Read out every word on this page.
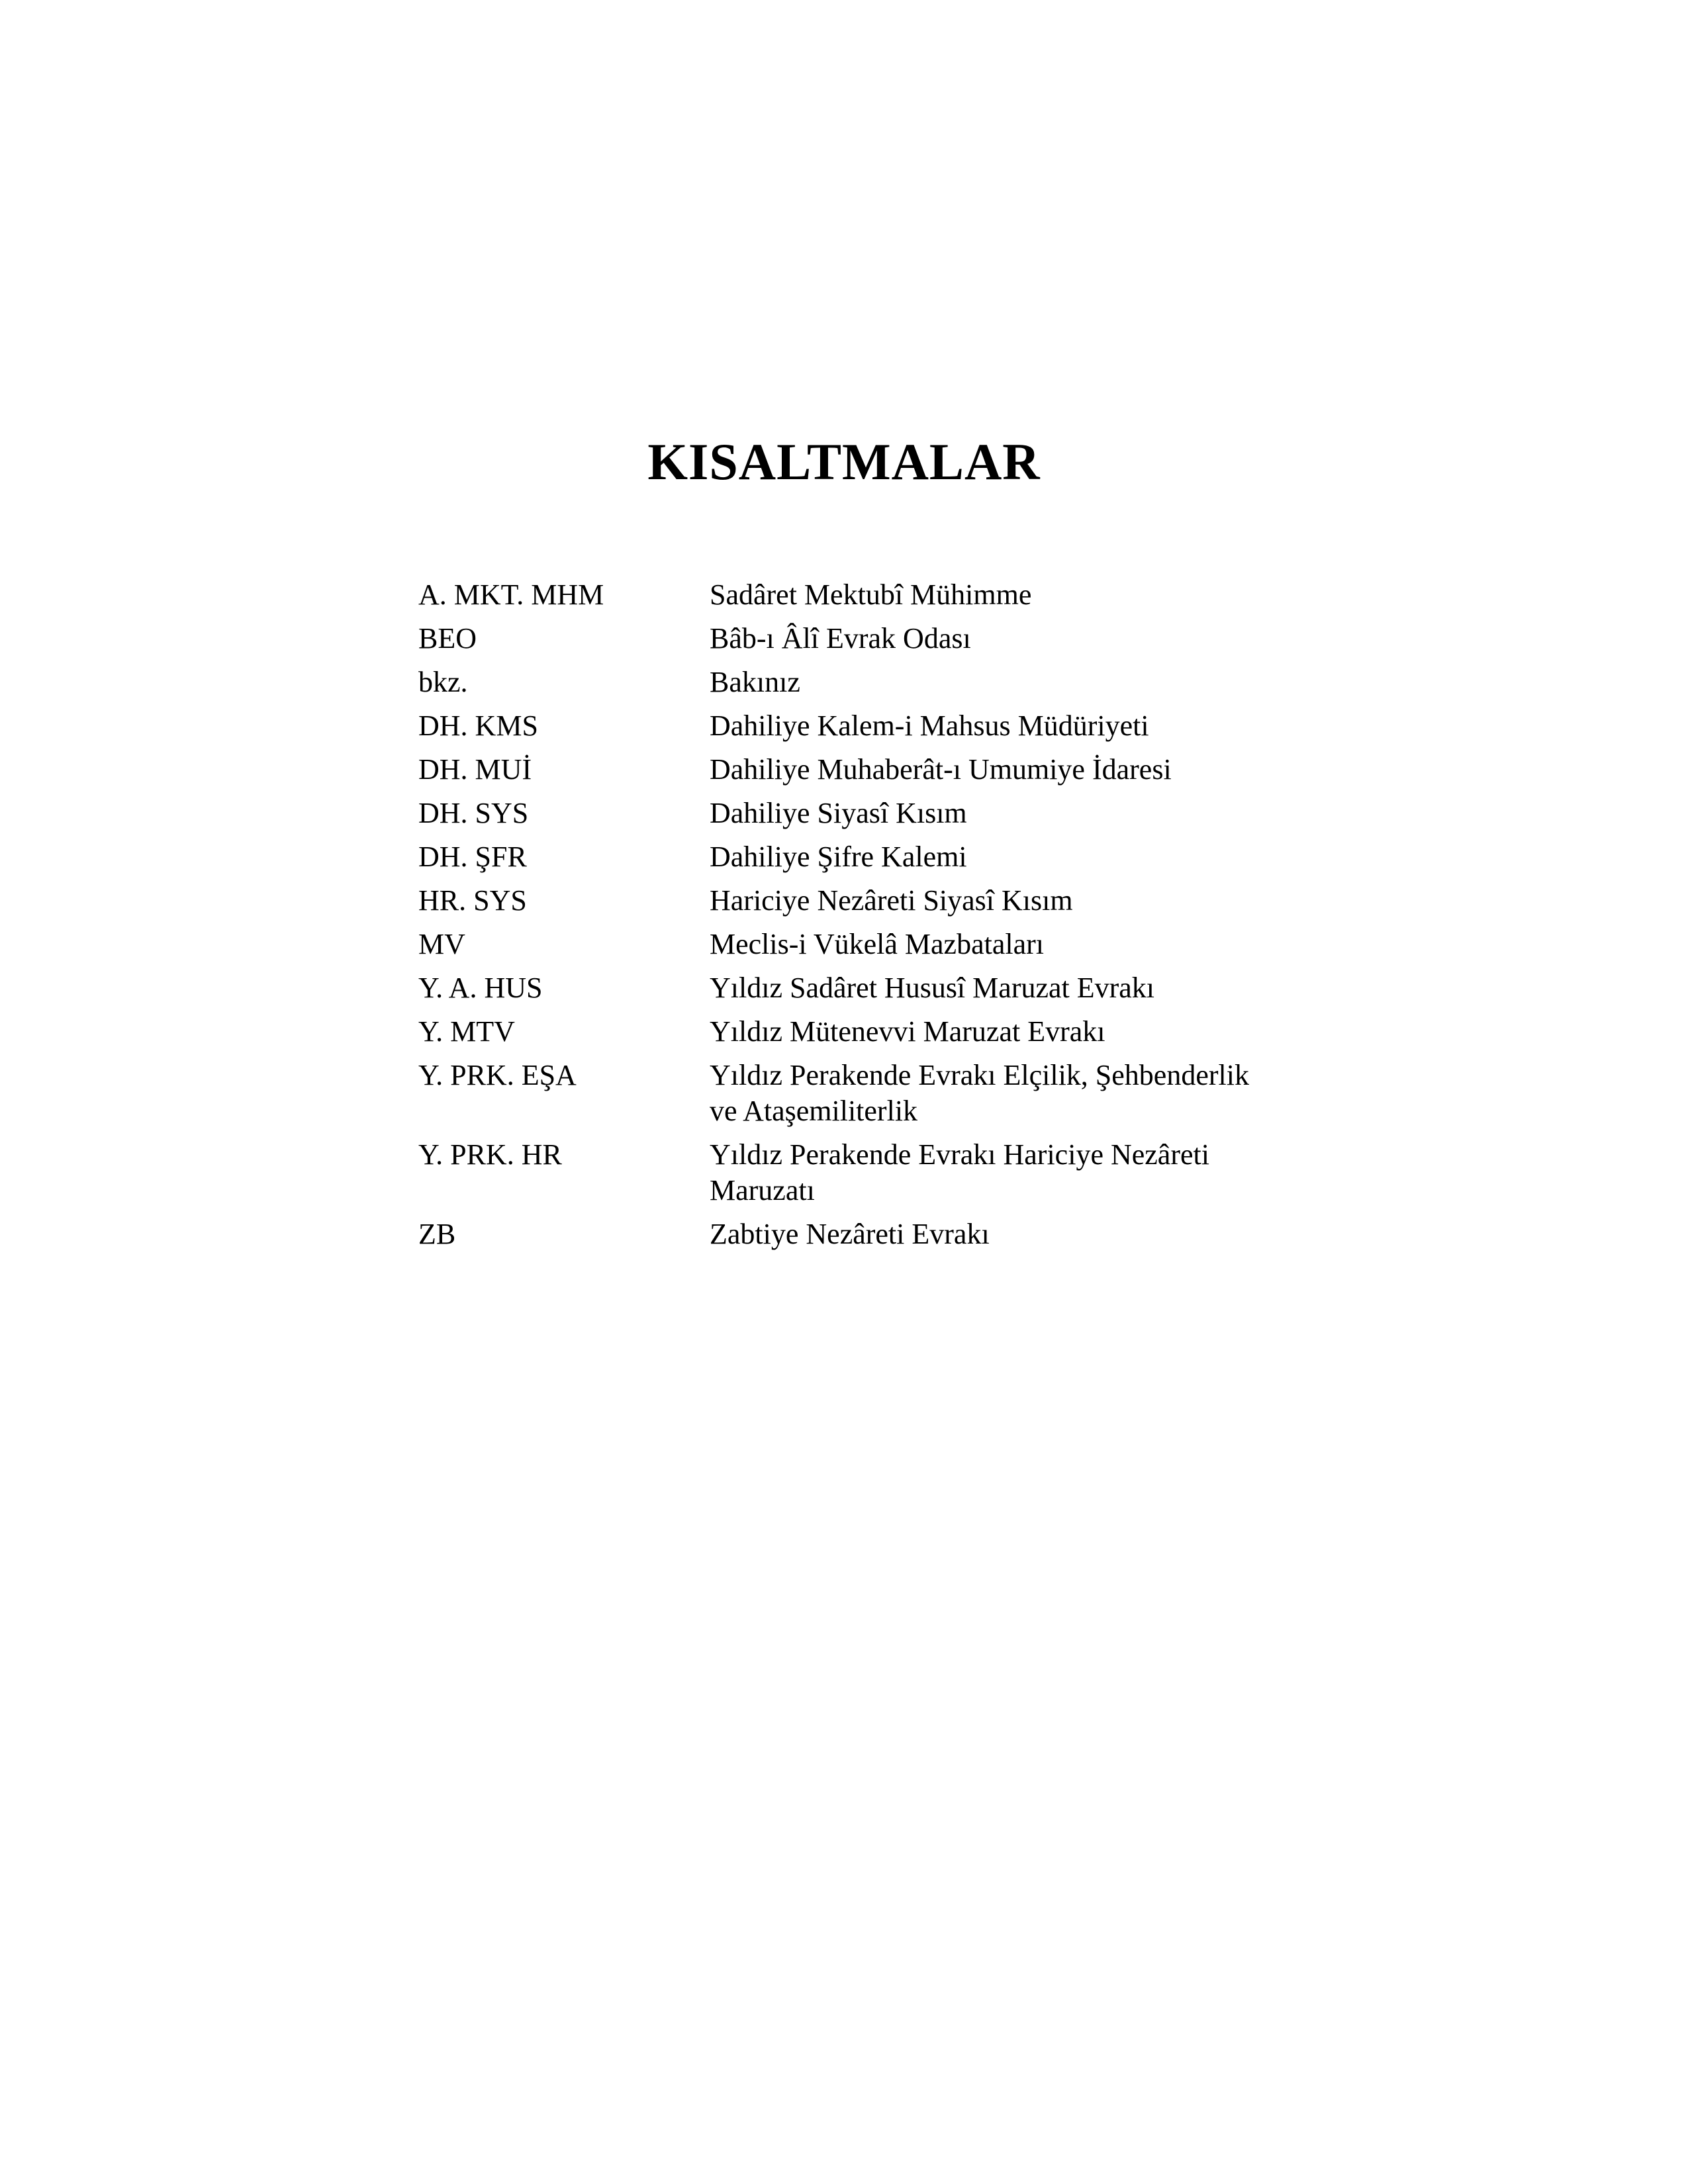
KISALTMALAR
A. MKT. MHM	Sadâret Mektubî Mühimme
BEO	Bâb-ı Âlî Evrak Odası
bkz.	Bakınız
DH. KMS	Dahiliye Kalem-i Mahsus Müdüriyeti
DH. MUİ	Dahiliye Muhaberât-ı Umumiye İdaresi
DH. SYS	Dahiliye Siyasî Kısım
DH. ŞFR	Dahiliye Şifre Kalemi
HR. SYS	Hariciye Nezâreti Siyasî Kısım
MV	Meclis-i Vükelâ Mazbataları
Y. A. HUS	Yıldız Sadâret Hususî Maruzat Evrakı
Y. MTV	Yıldız Mütenevvi Maruzat Evrakı
Y. PRK. EŞA	Yıldız Perakende Evrakı Elçilik, Şehbenderlik ve Ataşemiliterlik
Y. PRK. HR	Yıldız Perakende Evrakı Hariciye Nezâreti Maruzatı
ZB	Zabtiye Nezâreti Evrakı
